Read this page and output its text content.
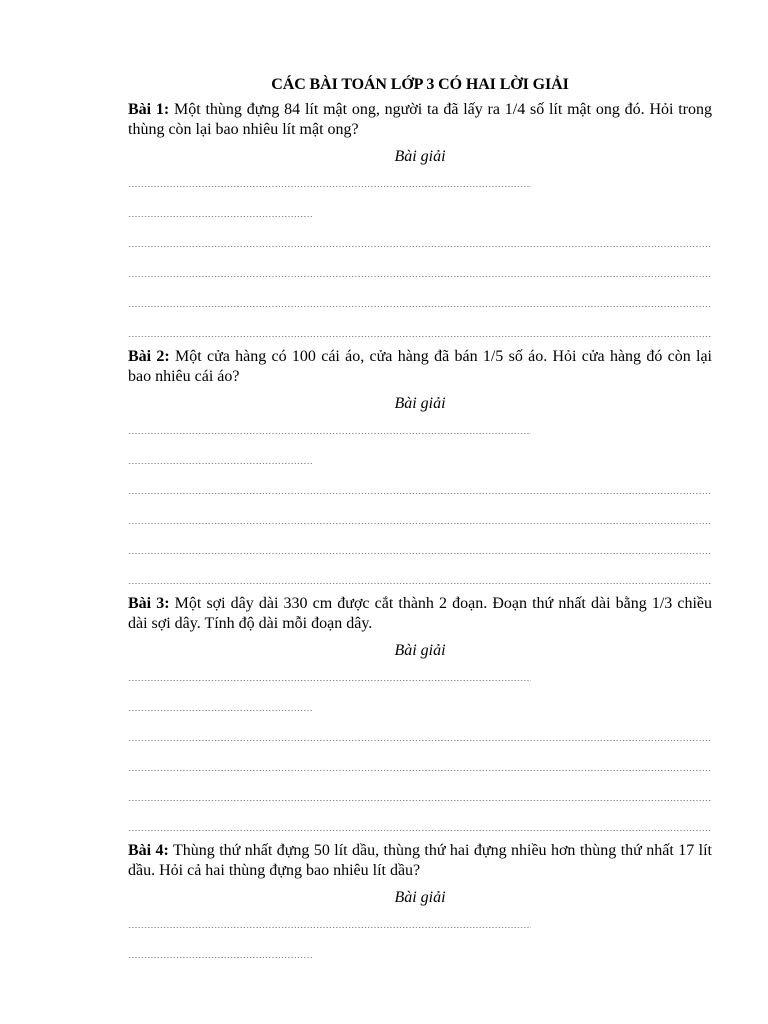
CÁC BÀI TOÁN LỚP 3 CÓ HAI LỜI GIẢI

Bài 1: Một thùng đựng 84 lít mật ong, người ta đã lấy ra 1/4 số lít mật ong đó. Hỏi trong thùng còn lại bao nhiêu lít mật ong?

Bài giải

Bài 2: Một cửa hàng có 100 cái áo, cửa hàng đã bán 1/5 số áo. Hỏi cửa hàng đó còn lại bao nhiêu cái áo?

Bài giải

Bài 3: Một sợi dây dài 330 cm được cắt thành 2 đoạn. Đoạn thứ nhất dài bằng 1/3 chiều dài sợi dây. Tính độ dài mỗi đoạn dây.

Bài giải

Bài 4: Thùng thứ nhất đựng 50 lít dầu, thùng thứ hai đựng nhiều hơn thùng thứ nhất 17 lít dầu. Hỏi cả hai thùng đựng bao nhiêu lít dầu?

Bài giải
